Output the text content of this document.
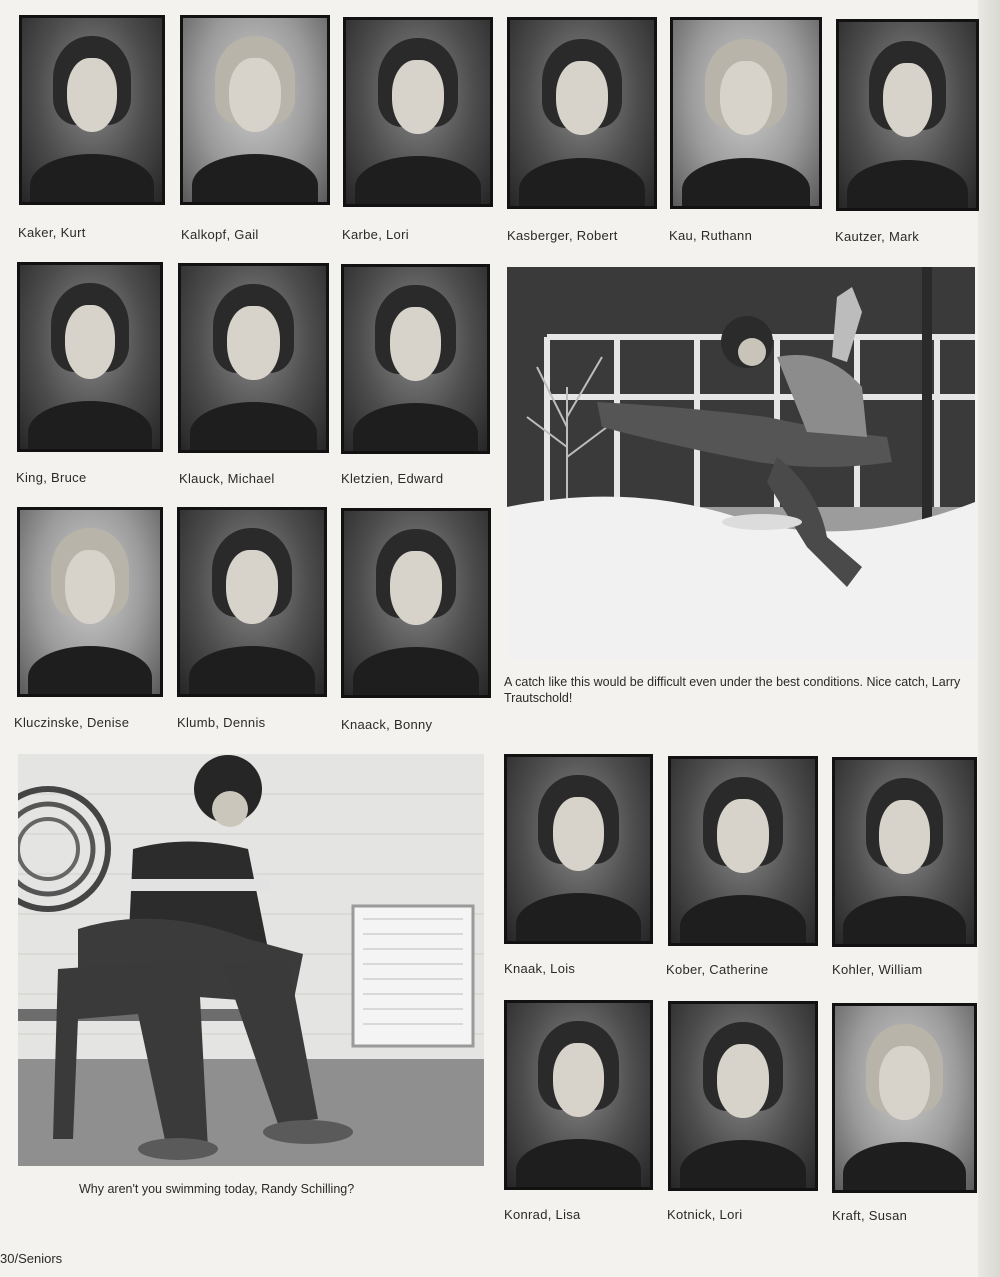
Kaker, Kurt	Kalkopf, Gail	Karbe, Lori	Kasberger, Robert	Kau, Ruthann	Kautzer, Mark
King, Bruce	Klauck, Michael	Kletzien, Edward
Kluczinske, Denise	Klumb, Dennis	Knaack, Bonny
A catch like this would be difficult even under the best conditions. Nice catch, Larry Trautschold!
Why aren't you swimming today, Randy Schilling?
Knaak, Lois	Kober, Catherine	Kohler, William
Konrad, Lisa	Kotnick, Lori	Kraft, Susan
30/Seniors
